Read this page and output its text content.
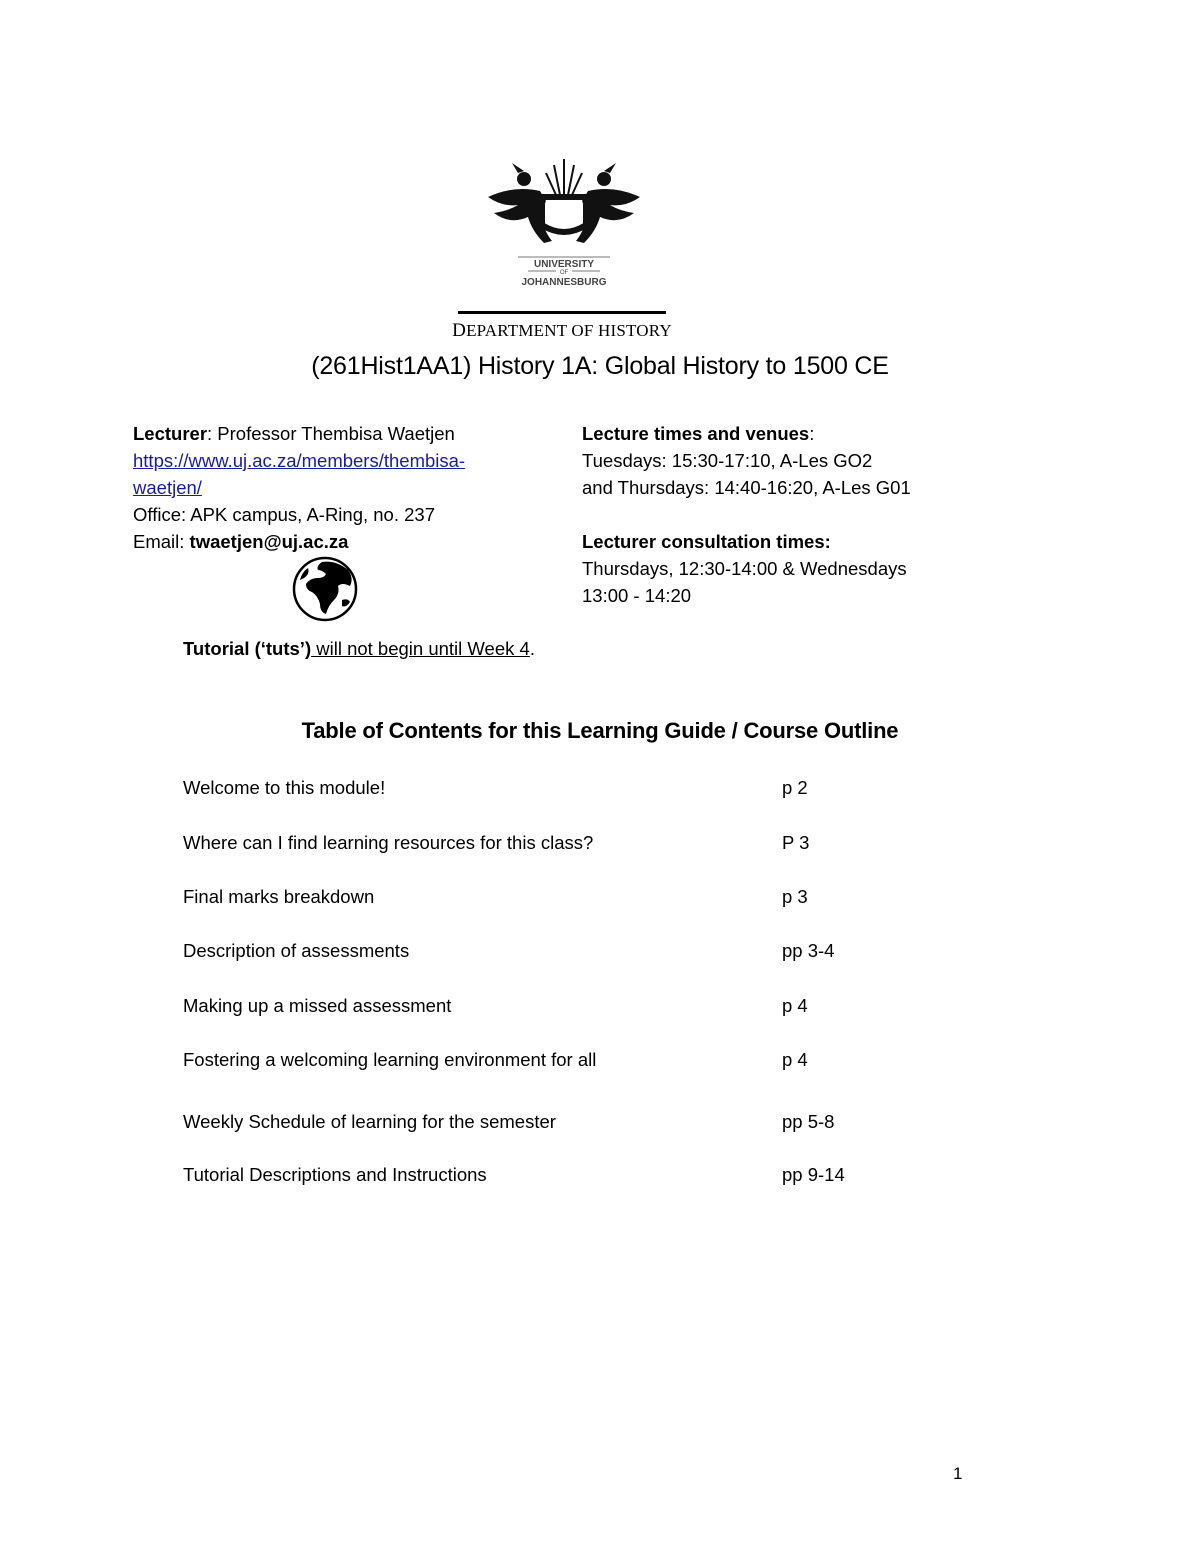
UNIVERSITY
OF
JOHANNESBURG
DEPARTMENT OF HISTORY
(261Hist1AA1) History 1A: Global History to 1500 CE
Lecturer: Professor Thembisa Waetjen
https://www.uj.ac.za/members/thembisa-
waetjen/
Office: APK campus, A-Ring, no. 237
Email: twaetjen@uj.ac.za
Lecture times and venues:
Tuesdays: 15:30-17:10, A-Les GO2
and Thursdays: 14:40-16:20, A-Les G01
Lecturer consultation times:
Thursdays, 12:30-14:00 & Wednesdays
13:00 - 14:20
Tutorial (‘tuts’) will not begin until Week 4.
Table of Contents for this Learning Guide / Course Outline
Welcome to this module!	p 2
Where can I find learning resources for this class?	P 3
Final marks breakdown	p 3
Description of assessments	pp 3-4
Making up a missed assessment	p 4
Fostering a welcoming learning environment for all	p 4
Weekly Schedule of learning for the semester	pp 5-8
Tutorial Descriptions and Instructions	pp 9-14
1
